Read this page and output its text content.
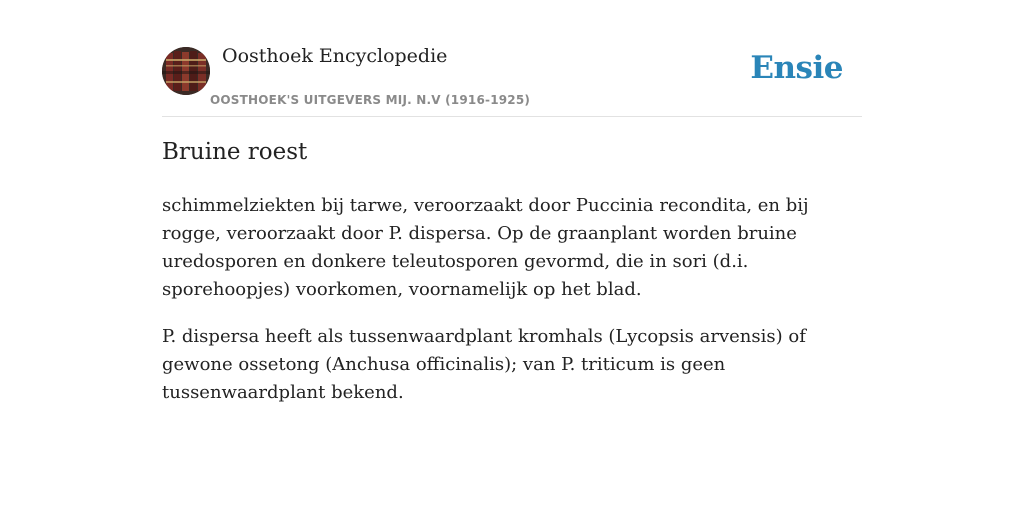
Oosthoek Encyclopedie
OOSTHOEK'S UITGEVERS MIJ. N.V (1916-1925)
Ensie
Bruine roest

schimmelziekten bij tarwe, veroorzaakt door Puccinia recondita, en bij rogge, veroorzaakt door P. dispersa. Op de graanplant worden bruine uredosporen en donkere teleutosporen gevormd, die in sori (d.i. sporehoopjes) voorkomen, voornamelijk op het blad.

P. dispersa heeft als tussenwaardplant kromhals (Lycopsis arvensis) of gewone ossetong (Anchusa officinalis); van P. triticum is geen tussenwaardplant bekend.
